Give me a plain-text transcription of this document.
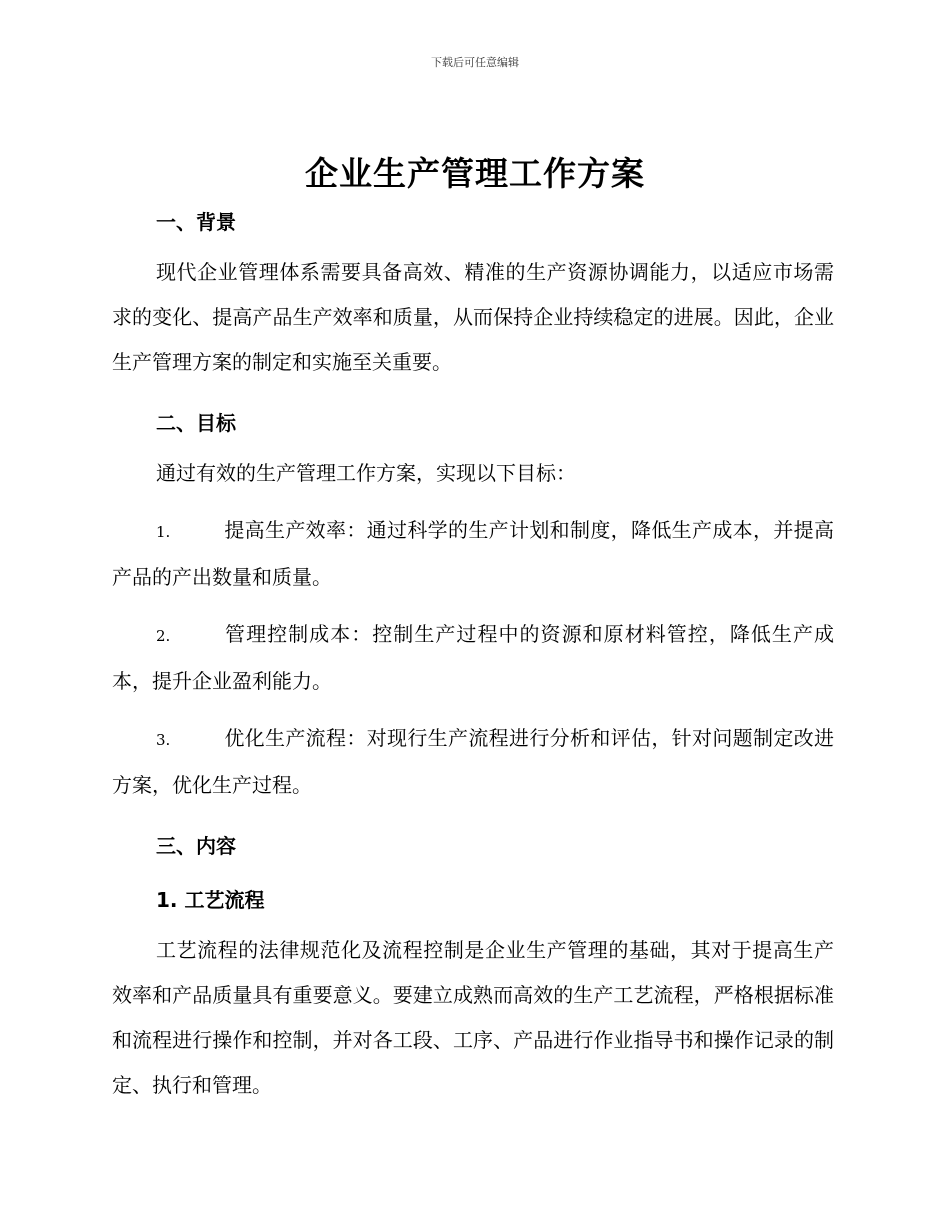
下载后可任意编辑
企业生产管理工作方案

一、背景

现代企业管理体系需要具备高效、精准的生产资源协调能力，以适应市场需求的变化、提高产品生产效率和质量，从而保持企业持续稳定的进展。因此，企业生产管理方案的制定和实施至关重要。

二、目标

通过有效的生产管理工作方案，实现以下目标：

1.	提高生产效率：通过科学的生产计划和制度，降低生产成本，并提高产品的产出数量和质量。

2.	管理控制成本：控制生产过程中的资源和原材料管控，降低生产成本，提升企业盈利能力。

3.	优化生产流程：对现行生产流程进行分析和评估，针对问题制定改进方案，优化生产过程。

三、内容

1. 工艺流程

工艺流程的法律规范化及流程控制是企业生产管理的基础，其对于提高生产效率和产品质量具有重要意义。要建立成熟而高效的生产工艺流程，严格根据标准和流程进行操作和控制，并对各工段、工序、产品进行作业指导书和操作记录的制定、执行和管理。
